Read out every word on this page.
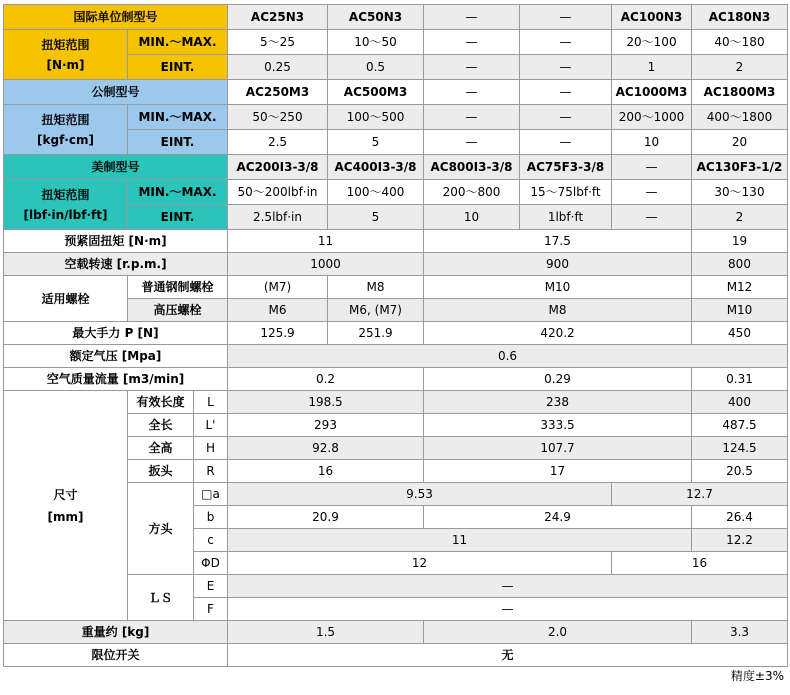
国际单位制型号			AC25N3	AC50N3	—	—	AC100N3	AC180N3

扭矩范围
[N·m]	MIN.～MAX.		5～25	10～50	—	—	20～100	40～180
	EINT.		0.25	0.5	—	—	1	2
公制型号			AC250M3	AC500M3	—	—	AC1000M3	AC1800M3

扭矩范围
[kgf·cm]	MIN.～MAX.		50～250	100～500	—	—	200～1000	400～1800
	EINT.		2.5	5	—	—	10	20
美制型号			AC200I3-3/8	AC400I3-3/8	AC800I3-3/8	AC75F3-3/8	—	AC130F3-1/2

扭矩范围
[lbf·in/lbf·ft]	MIN.～MAX.		50～200lbf·in	100～400	200～800	15～75lbf·ft	—	30～130
	EINT.		2.5lbf·in	5	10	1lbf·ft	—	2
预紧固扭矩 [N·m]			11		17.5			19
空载转速 [r.p.m.]			1000		900			800
适用螺栓	普通钢制螺栓		(M7)	M8	M10			M12
	高压螺栓		M6	M6, (M7)	M8			M10
最大手力 P [N]			125.9	251.9	420.2			450
额定气压 [Mpa]			0.6					
空气质量流量 [m3/min]			0.2		0.29			0.31

尺寸
[mm]	有效长度	L	198.5		238			400
	全长	L'	293		333.5			487.5
	全高	H	92.8		107.7			124.5
	扳头	R	16		17			20.5
	方头	□a	9.53				12.7	
		b	20.9		24.9			26.4
		c	11					12.2
		ΦD	12				16	
	ＬＳ	E	—					
		F	—					
重量约 [kg]			1.5		2.0			3.3
限位开关			无					
精度±3%
